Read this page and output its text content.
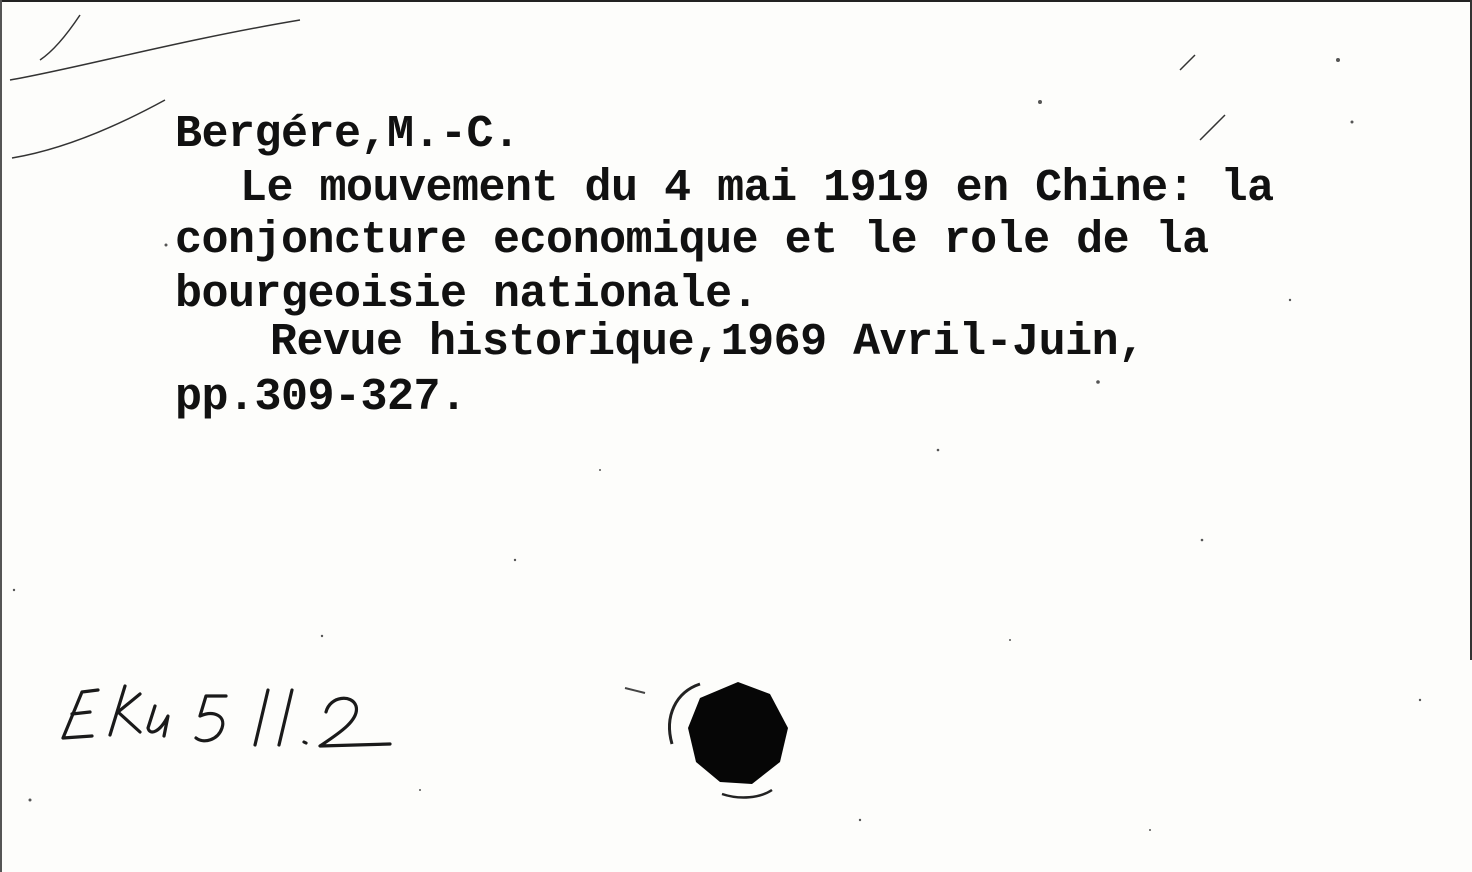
Bergére,M.-C.
Le mouvement du 4 mai 1919 en Chine: la
conjoncture economique et le role de la
bourgeoisie nationale.
Revue historique,1969 Avril-Juin,
pp.309-327.
